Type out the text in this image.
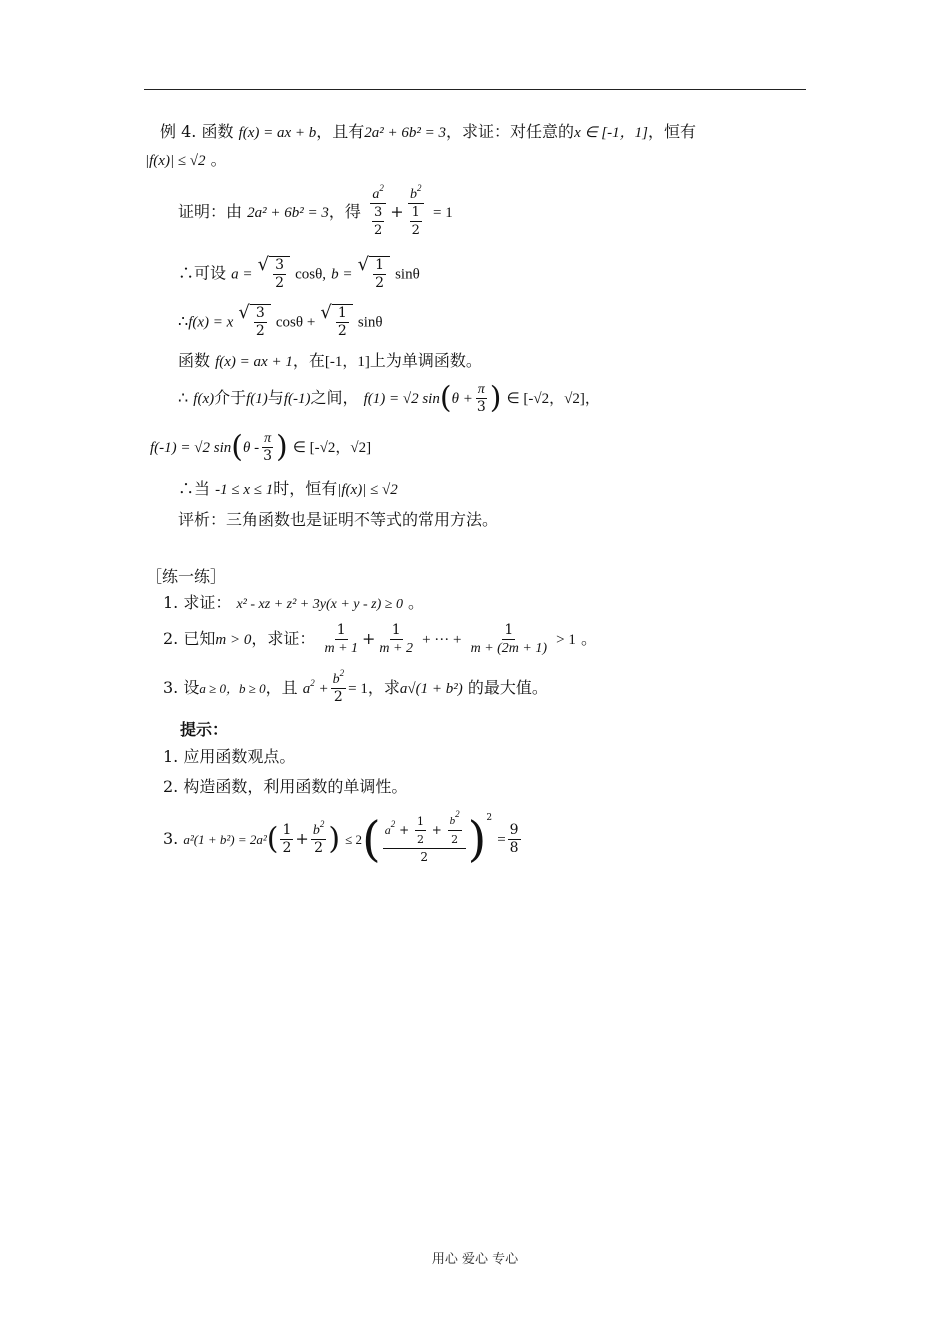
例 4. 函数 f(x) = ax + b，且有2a² + 6b² = 3，求证：对任意的x ∈ [-1，1]，恒有
|f(x)| ≤ √2 。
证明：由 2a² + 6b² = 3，得 $\frac{a^2}{\frac{3}{2}} + \frac{b^2}{\frac{1}{2}} = 1$
∴可设 a = √ $\frac{3}{2} \cos\theta$, b = √ $\frac{1}{2}$ sinθ
∴f(x) = x √ $\frac{3}{2}$ cosθ + √ $\frac{1}{2}$ sinθ
函数 f(x) = ax + 1，在[-1，1]上为单调函数。
∴ f(x)介于f(1)与f(-1)之间， f(1) = √2 $\sin(\theta + \frac{\pi}{3}$ ) ∈ [-√2，√2]，
f(-1) = √2 $\sin(\theta - \frac{\pi}{3}$ ) ∈ [-√2，√2]
∴当 -1 ≤ x ≤ 1时，恒有|f(x)| ≤ √2
评析：三角函数也是证明不等式的常用方法。
［练一练］
1. 求证： x² - xz + z² + 3y(x + y - z) ≥ 0 。
2. 已知m > 0，求证： $\frac{1}{m + 1} + \frac{1}{m + 2}$ + ··· + $\frac{1}{m + (2m + 1)} > 1$ 。
3. 设a ≥ 0，b ≥ 0，且 $a^2 + \frac{b^2}{2} = 1$，求a√(1 + b²) 的最大值。
提示：
1. 应用函数观点。
2. 构造函数，利用函数的单调性。
3. $a^2(1 + b^2) = 2a^2( \frac{1}{2} + \frac{b^2}{2}$ ) ≤ $2( \frac{a^2 + \frac{1}{2} + \frac{b^2}{2}}{2} )^2 = \frac{9}{8}$
用心 爱心 专心
